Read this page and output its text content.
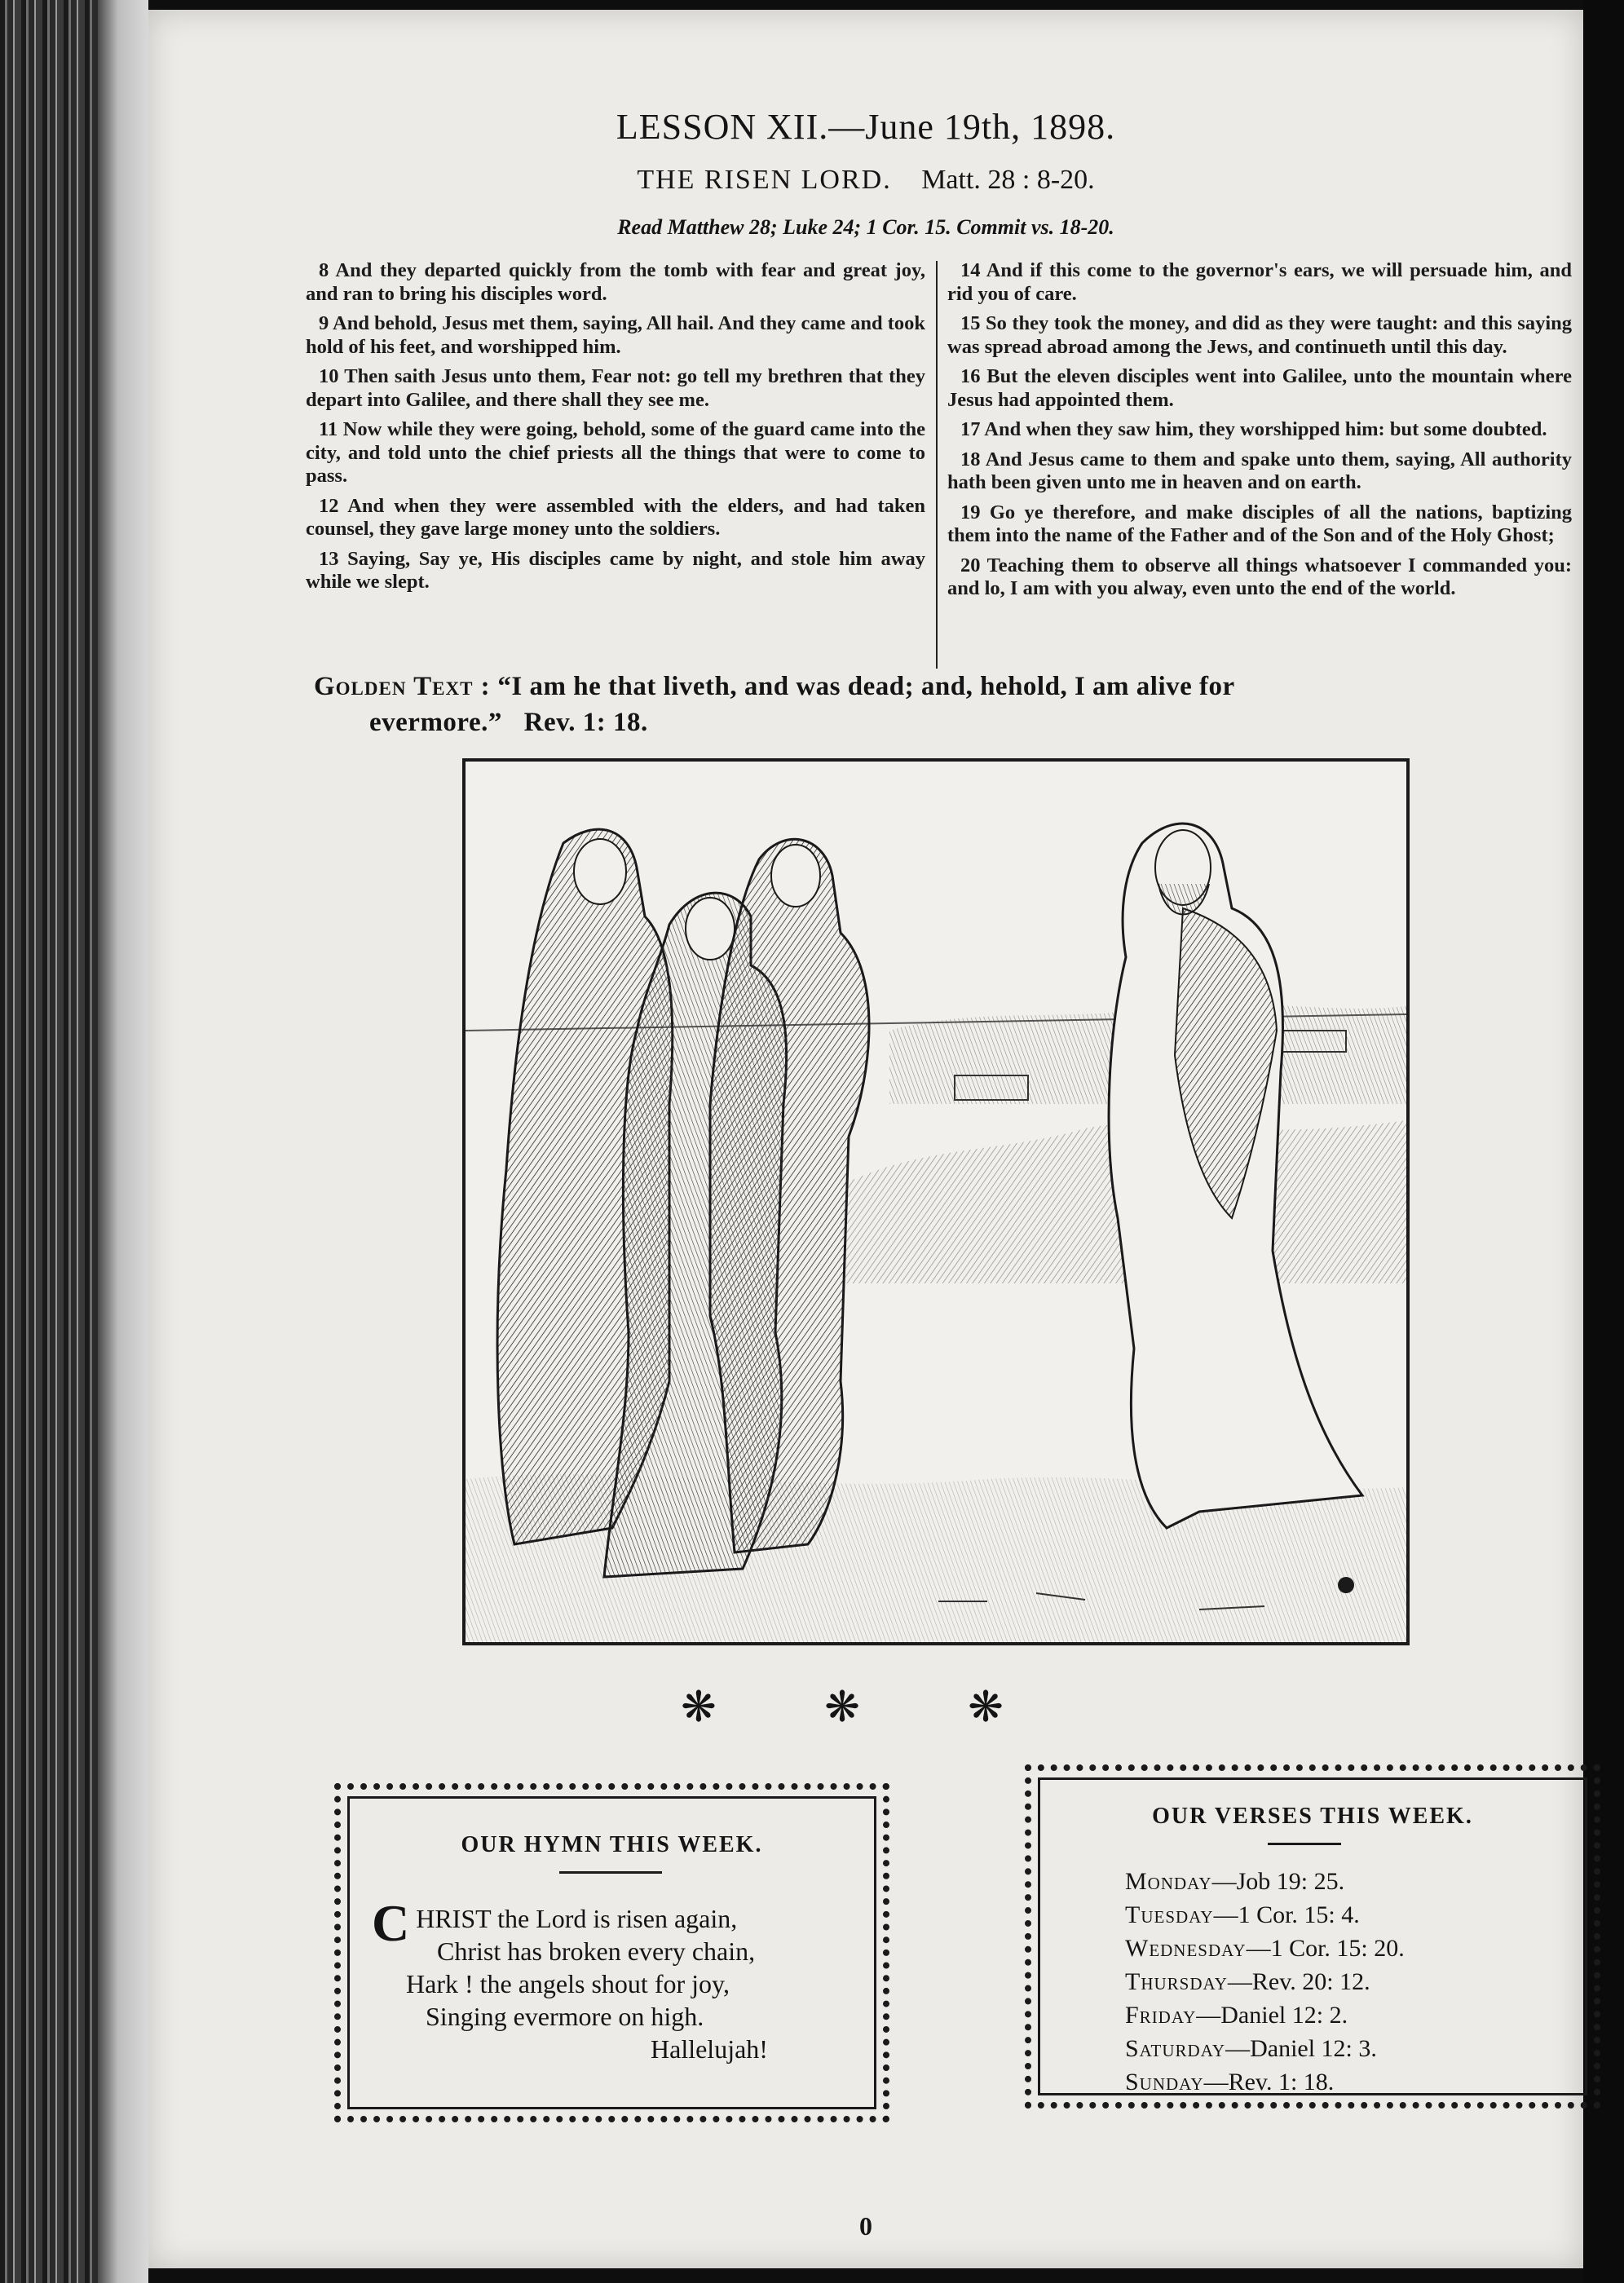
LESSON XII.—June 19th, 1898.
THE RISEN LORD. Matt. 28 : 8-20.
Read Matthew 28; Luke 24; 1 Cor. 15. Commit vs. 18-20.

8 And they departed quickly from the tomb with fear and great joy, and ran to bring his disciples word.

9 And behold, Jesus met them, saying, All hail. And they came and took hold of his feet, and worshipped him.

10 Then saith Jesus unto them, Fear not: go tell my brethren that they depart into Galilee, and there shall they see me.

11 Now while they were going, behold, some of the guard came into the city, and told unto the chief priests all the things that were to come to pass.

12 And when they were assembled with the elders, and had taken counsel, they gave large money unto the soldiers.

13 Saying, Say ye, His disciples came by night, and stole him away while we slept.

14 And if this come to the governor's ears, we will persuade him, and rid you of care.

15 So they took the money, and did as they were taught: and this saying was spread abroad among the Jews, and continueth until this day.

16 But the eleven disciples went into Galilee, unto the mountain where Jesus had appointed them.

17 And when they saw him, they worshipped him: but some doubted.

18 And Jesus came to them and spake unto them, saying, All authority hath been given unto me in heaven and on earth.

19 Go ye therefore, and make disciples of all the nations, baptizing them into the name of the Father and of the Son and of the Holy Ghost;

20 Teaching them to observe all things whatsoever I commanded you: and lo, I am with you alway, even unto the end of the world.

Golden Text : “I am he that liveth, and was dead; and, hehold, I am alive for
evermore.” Rev. 1: 18.
❋ ❋ ❋
OUR HYMN THIS WEEK.
CHRIST the Lord is risen again,
Christ has broken every chain,
Hark ! the angels shout for joy,
Singing evermore on high.
Hallelujah!
OUR VERSES THIS WEEK.
Monday—Job 19: 25.
Tuesday—1 Cor. 15: 4.
Wednesday—1 Cor. 15: 20.
Thursday—Rev. 20: 12.
Friday—Daniel 12: 2.
Saturday—Daniel 12: 3.
Sunday—Rev. 1: 18.
0
